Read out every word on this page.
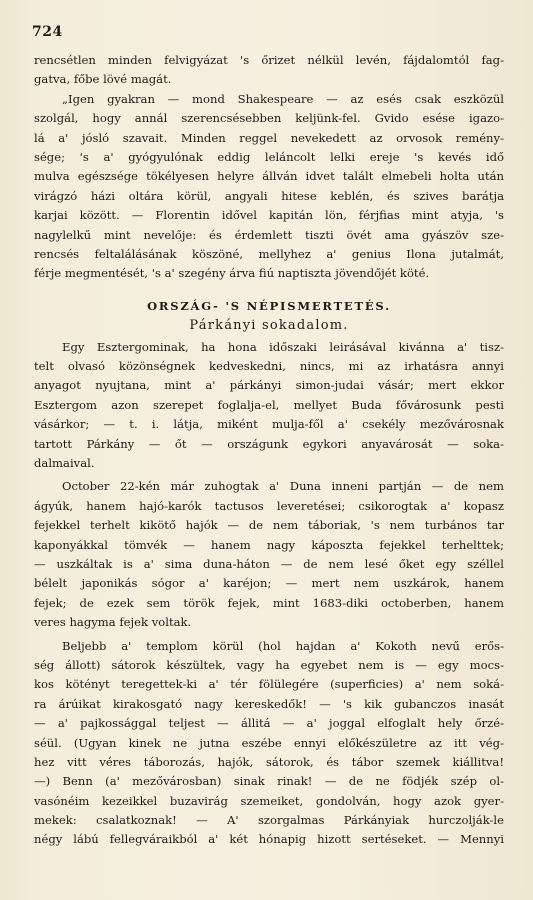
724
rencsétlen minden felvigyázat 's őrizet nélkül levén, fájdalomtól fag-
gatva, főbe lövé magát.
„Igen gyakran — mond Shakespeare — az esés csak eszközül
szolgál, hogy annál szerencsésebben keljünk-fel. Gvido esése igazo-
lá a' jósló szavait. Minden reggel nevekedett az orvosok remény-
sége; 's a' gyógyulónak eddig leláncolt lelki ereje 's kevés idő
mulva egészsége tökélyesen helyre állván idvet talált elmebeli holta után
virágzó házi oltára körül, angyali hitese keblén, és szives barátja
karjai között. — Florentin idővel kapitán lön, férjfias mint atyja, 's
nagylelkű mint nevelője: és érdemlett tiszti övét ama gyászöv sze-
rencsés feltalálásának köszöné, mellyhez a' genius Ilona jutalmát,
férje megmentését, 's a' szegény árva fiú naptiszta jövendőjét köté.
ORSZÁG- 'S NÉPISMERTETÉS.
Párkányi sokadalom.
Egy Esztergominak, ha hona időszaki leirásával kivánna a' tisz-
telt olvasó közönségnek kedveskedni, nincs, mi az irhatásra annyi
anyagot nyujtana, mint a' párkányi simon-judai vásár; mert ekkor
Esztergom azon szerepet foglalja-el, mellyet Buda fővárosunk pesti
vásárkor; — t. i. látja, miként mulja-fől a' csekély mezővárosnak
tartott Párkány — őt — országunk egykori anyavárosát — soka-
dalmaival.
October 22-kén már zuhogtak a' Duna inneni partján — de nem
ágyúk, hanem hajó-karók tactusos leveretései; csikorogtak a' kopasz
fejekkel terhelt kikötő hajók — de nem táboriak, 's nem turbános tar
kaponyákkal tömvék — hanem nagy káposzta fejekkel terhelttek;
— uszkáltak is a' sima duna-háton — de nem lesé őket egy széllel
bélelt japonikás sógor a' karéjon; — mert nem uszkárok, hanem
fejek; de ezek sem török fejek, mint 1683-diki octoberben, hanem
veres hagyma fejek voltak.
Beljebb a' templom körül (hol hajdan a' Kokoth nevű erős-
ség állott) sátorok készültek, vagy ha egyebet nem is — egy mocs-
kos kötényt teregettek-ki a' tér fölülegére (superficies) a' nem soká-
ra árúikat kirakosgató nagy kereskedők! — 's kik gubanczos inasát
— a' pajkossággal teljest — állitá — a' joggal elfoglalt hely őrzé-
séül. (Ugyan kinek ne jutna eszébe ennyi előkészületre az itt vég-
hez vitt véres táborozás, hajók, sátorok, és tábor szemek kiállitva!
—) Benn (a' mezővárosban) sinak rinak! — de ne födjék szép ol-
vasónéim kezeikkel buzavirág szemeiket, gondolván, hogy azok gyer-
mekek: csalatkoznak! — A' szorgalmas Párkányiak hurczolják-le
négy lábú fellegváraikból a' két hónapig hizott sertéseket. — Mennyi
